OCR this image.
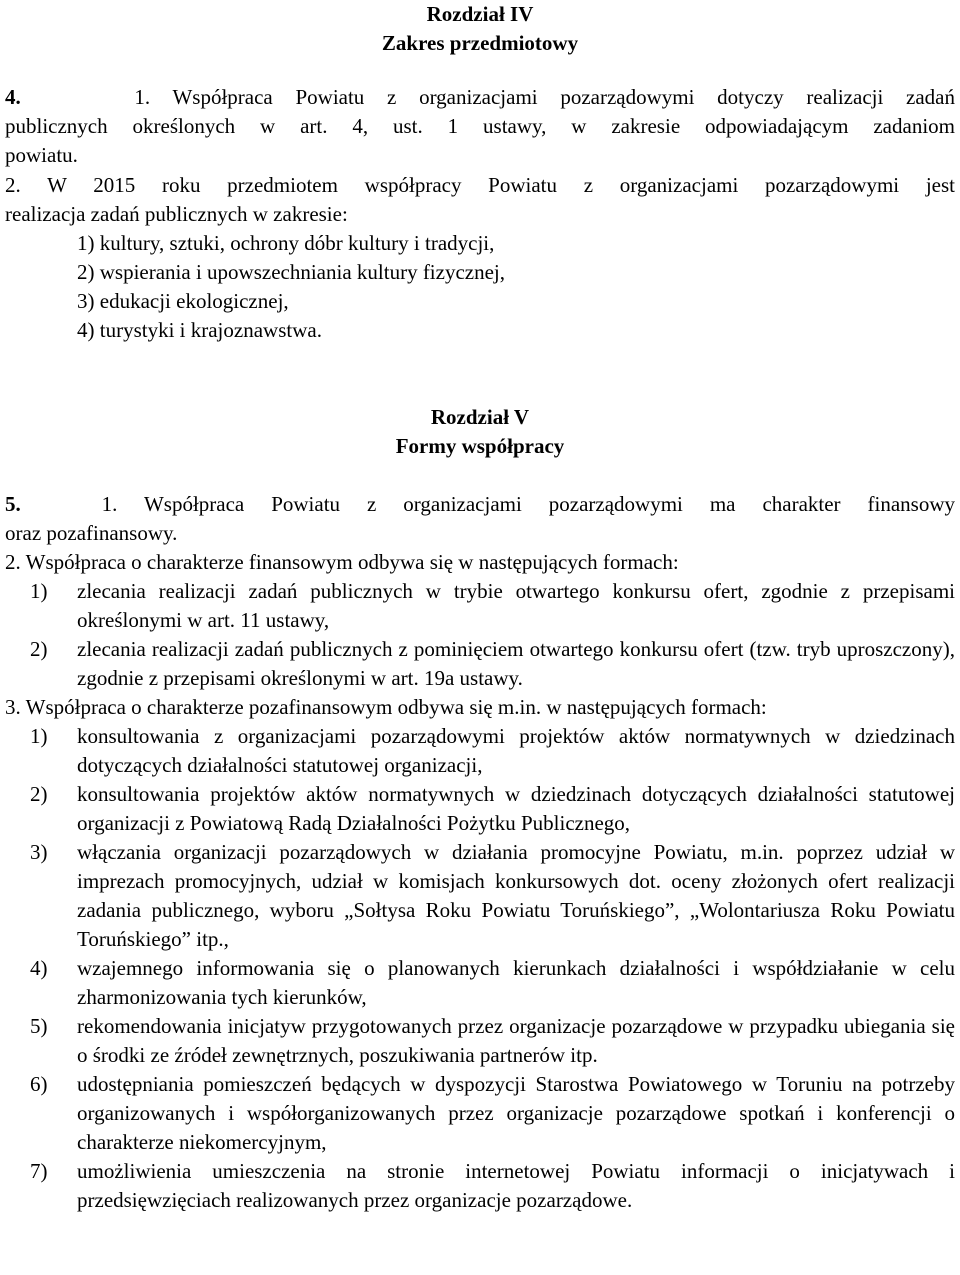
Rozdział IV

Zakres przedmiotowy

4.	1. Współpraca Powiatu z organizacjami pozarządowymi dotyczy realizacji zadań

publicznych określonych w art. 4, ust. 1 ustawy, w zakresie odpowiadającym zadaniom

powiatu.

2. W 2015 roku przedmiotem współpracy Powiatu z organizacjami pozarządowymi jest

realizacja zadań publicznych w zakresie:

1) kultury, sztuki, ochrony dóbr kultury i tradycji,
2) wspierania i upowszechniania kultury fizycznej,
3) edukacji ekologicznej,
4) turystyki i krajoznawstwa.

Rozdział V

Formy współpracy

5.	1. Współpraca Powiatu z organizacjami pozarządowymi ma charakter finansowy

oraz pozafinansowy.

2. Współpraca o charakterze finansowym odbywa się w następujących formach:

1)	zlecania realizacji zadań publicznych w trybie otwartego konkursu ofert, zgodnie z przepisami określonymi w art. 11 ustawy,
2)	zlecania realizacji zadań publicznych z pominięciem otwartego konkursu ofert (tzw. tryb uproszczony), zgodnie z przepisami określonymi w art. 19a ustawy.

3. Współpraca o charakterze pozafinansowym odbywa się m.in. w następujących formach:

1)	konsultowania z organizacjami pozarządowymi projektów aktów normatywnych w dziedzinach dotyczących działalności statutowej organizacji,
2)	konsultowania projektów aktów normatywnych w dziedzinach dotyczących działalności statutowej organizacji z Powiatową Radą Działalności Pożytku Publicznego,
3)	włączania organizacji pozarządowych w działania promocyjne Powiatu, m.in. poprzez udział w imprezach promocyjnych, udział w komisjach konkursowych dot. oceny złożonych ofert realizacji zadania publicznego, wyboru „Sołtysa Roku Powiatu Toruńskiego”, „Wolontariusza Roku Powiatu Toruńskiego” itp.,
4)	wzajemnego informowania się o planowanych kierunkach działalności i współdziałanie w celu zharmonizowania tych kierunków,
5)	rekomendowania inicjatyw przygotowanych przez organizacje pozarządowe w przypadku ubiegania się o środki ze źródeł zewnętrznych, poszukiwania partnerów itp.
6)	udostępniania pomieszczeń będących w dyspozycji Starostwa Powiatowego w Toruniu na potrzeby organizowanych i współorganizowanych przez organizacje pozarządowe spotkań i konferencji o charakterze niekomercyjnym,
7)	umożliwienia umieszczenia na stronie internetowej Powiatu informacji o inicjatywach i przedsięwzięciach realizowanych przez organizacje pozarządowe.
